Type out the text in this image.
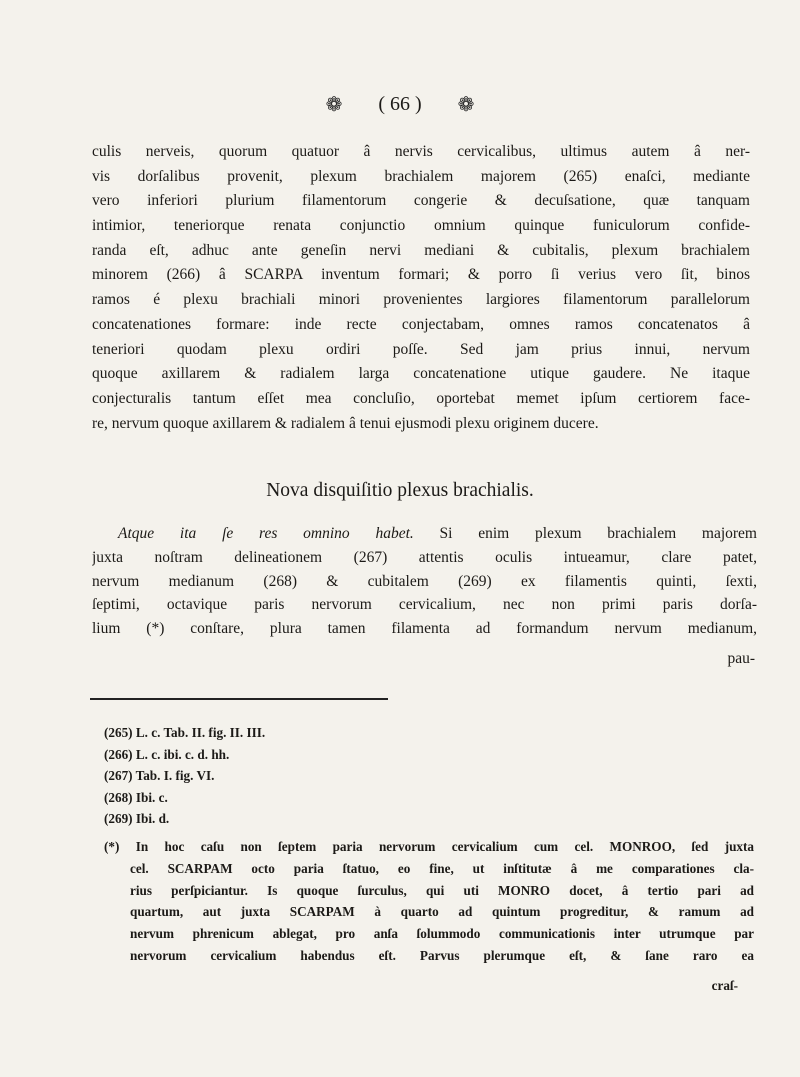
❁ ( 66 ) ❁
culis nerveis, quorum quatuor â nervis cervicalibus, ultimus autem â ner-
vis dorſalibus provenit, plexum brachialem majorem (265) enaſci, mediante
vero inferiori plurium filamentorum congerie & decuſsatione, quæ tanquam
intimior, teneriorque renata conjunctio omnium quinque funiculorum confide-
randa eſt, adhuc ante geneſin nervi mediani & cubitalis, plexum brachialem
minorem (266) â SCARPA inventum formari; & porro ſi verius vero ſit, binos
ramos é plexu brachiali minori provenientes largiores filamentorum parallelorum
concatenationes formare: inde recte conjectabam, omnes ramos concatenatos â
teneriori quodam plexu ordiri poſſe. Sed jam prius innui, nervum
quoque axillarem & radialem larga concatenatione utique gaudere. Ne itaque
conjecturalis tantum eſſet mea concluſio, oportebat memet ipſum certiorem face-
re, nervum quoque axillarem & radialem â tenui ejusmodi plexu originem ducere.
Nova disquiſitio plexus brachialis.
Atque ita ſe res omnino habet. Si enim plexum brachialem majorem
juxta noſtram delineationem (267) attentis oculis intueamur, clare patet,
nervum medianum (268) & cubitalem (269) ex filamentis quinti, ſexti,
ſeptimi, octavique paris nervorum cervicalium, nec non primi paris dorſa-
lium (*) conſtare, plura tamen filamenta ad formandum nervum medianum,
pau-
(265) L. c. Tab. II. fig. II. III.
(266) L. c. ibi. c. d. hh.
(267) Tab. I. fig. VI.
(268) Ibi. c.
(269) Ibi. d.
(*) In hoc caſu non ſeptem paria nervorum cervicalium cum cel. MONROO, ſed juxta
cel. SCARPAM octo paria ſtatuo, eo fine, ut inſtitutæ â me comparationes cla-
rius perſpiciantur. Is quoque ſurculus, qui uti MONRO docet, â tertio pari ad
quartum, aut juxta SCARPAM à quarto ad quintum progreditur, & ramum ad
nervum phrenicum ablegat, pro anſa ſolummodo communicationis inter utrumque par
nervorum cervicalium habendus eſt. Parvus plerumque eſt, & ſane raro ea
craſ-
